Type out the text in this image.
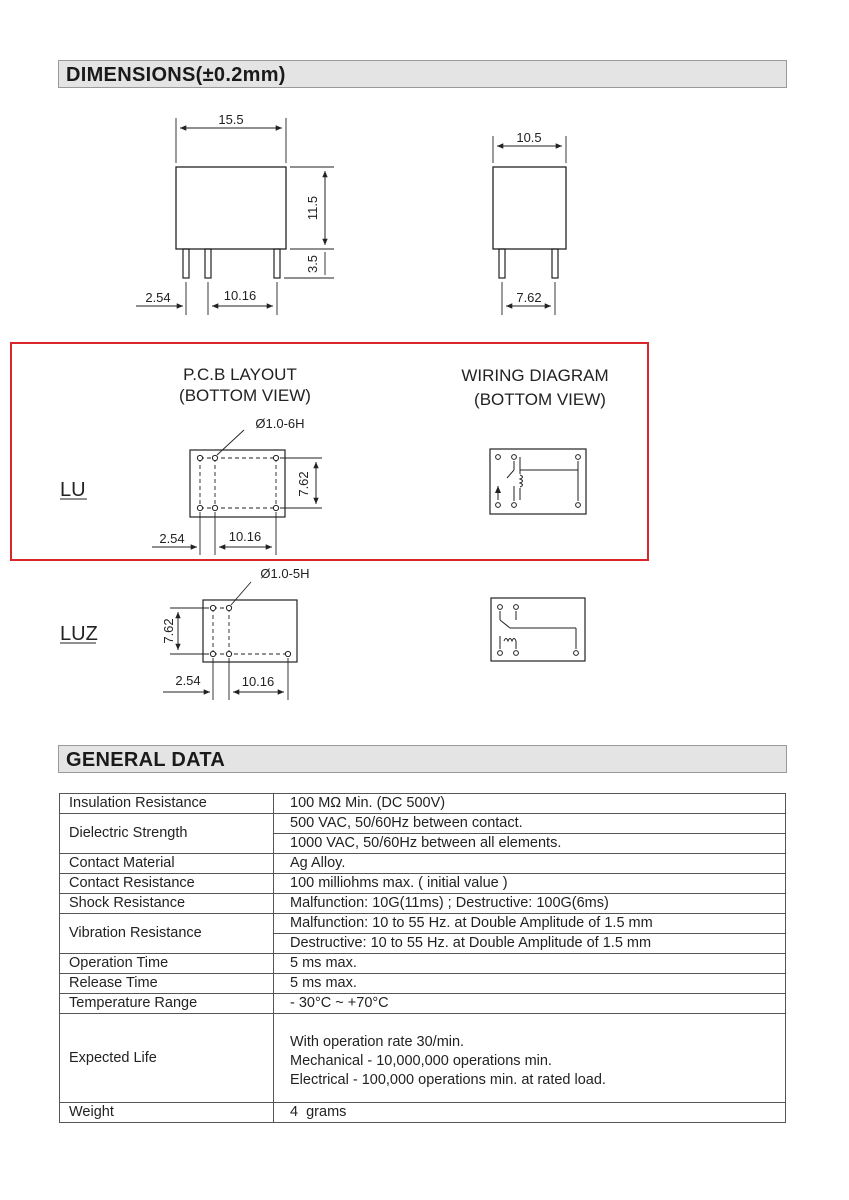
DIMENSIONS(±0.2mm)
15.5
11.5
3.5
2.54	10.16
10.5
7.62
P.C.B LAYOUT
(BOTTOM VIEW)
WIRING DIAGRAM
(BOTTOM VIEW)
LU
Ø1.0-6H
7.62
2.54	10.16
LUZ
Ø1.0-5H
7.62
2.54	10.16
GENERAL DATA
Insulation Resistance	100 MΩ Min. (DC 500V)
Dielectric Strength	500 VAC, 50/60Hz between contact.
	1000 VAC, 50/60Hz between all elements.
Contact Material	Ag Alloy.
Contact Resistance	100 milliohms max. ( initial value )
Shock Resistance	Malfunction: 10G(11ms) ; Destructive: 100G(6ms)
Vibration Resistance	Malfunction: 10 to 55 Hz. at Double Amplitude of 1.5 mm
	Destructive: 10 to 55 Hz. at Double Amplitude of 1.5 mm
Operation Time	5 ms max.
Release Time	5 ms max.
Temperature Range	- 30°C ~ +70°C
Expected Life	With operation rate 30/min.
Mechanical - 10,000,000 operations min.
Electrical - 100,000 operations min. at rated load.

Weight	4  grams
